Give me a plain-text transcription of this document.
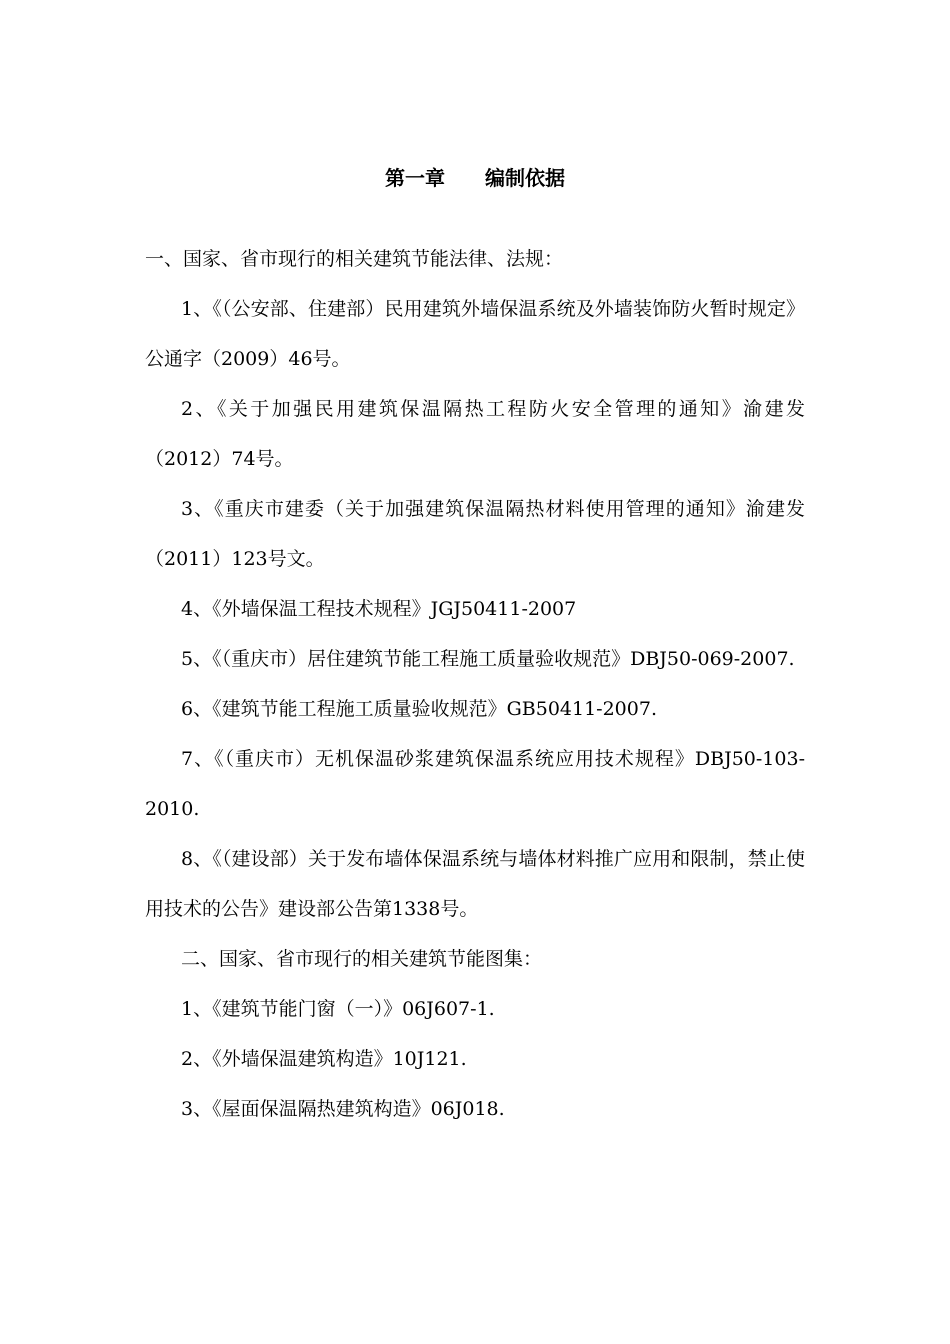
第一章　　编制依据

一、国家、省市现行的相关建筑节能法律、法规：

1、《（公安部、住建部）民用建筑外墙保温系统及外墙装饰防火暂时规定》公通字（2009）46号。

2、《关于加强民用建筑保温隔热工程防火安全管理的通知》渝建发（2012）74号。

3、《重庆市建委（关于加强建筑保温隔热材料使用管理的通知》渝建发（2011）123号文。

4、《外墙保温工程技术规程》JGJ50411-2007

5、《（重庆市）居住建筑节能工程施工质量验收规范》DBJ50-069-2007.

6、《建筑节能工程施工质量验收规范》GB50411-2007.

7、《（重庆市）无机保温砂浆建筑保温系统应用技术规程》DBJ50-103-2010.

8、《（建设部）关于发布墙体保温系统与墙体材料推广应用和限制，禁止使用技术的公告》建设部公告第1338号。

二、国家、省市现行的相关建筑节能图集：

1、《建筑节能门窗（一）》06J607-1.

2、《外墙保温建筑构造》10J121.

3、《屋面保温隔热建筑构造》06J018.
